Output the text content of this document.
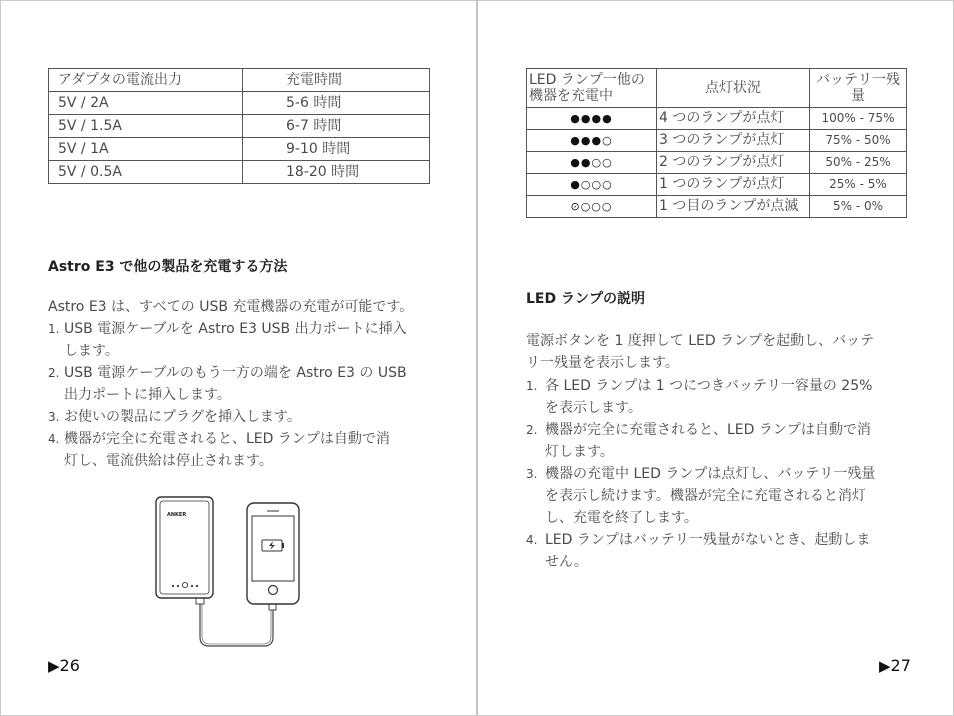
アダプタの電流出力	充電時間
5V / 2A	5-6 時間
5V / 1.5A	6-7 時間
5V / 1A	9-10 時間
5V / 0.5A	18-20 時間
Astro E3 で他の製品を充電する方法
Astro E3 は、すべての USB 充電機器の充電が可能です。
1. USB 電源ケーブルを Astro E3 USB 出力ポートに挿入
します。
2. USB 電源ケーブルのもう一方の端を Astro E3 の USB
出力ポートに挿入します。
3. お使いの製品にプラグを挿入します。
4. 機器が完全に充電されると、LED ランプは自動で消
灯し、電流供給は停止されます。
ANKER
▶26
LED ランプ一他の機器を充電中	点灯状況	バッテリ一残量
●●●●	4 つのランプが点灯	100% - 75%
●●●○	3 つのランプが点灯	75% - 50%
●●○○	2 つのランプが点灯	50% - 25%
●○○○	1 つのランプが点灯	25% - 5%
⊙○○○	1 つ目のランプが点滅	5% - 0%
LED ランプの説明
電源ボタンを 1 度押して LED ランプを起動し、バッテ
リ一残量を表示します。
1. 各 LED ランプは 1 つにつきバッテリ一容量の 25%
を表示します。
2. 機器が完全に充電されると、LED ランプは自動で消
灯します。
3. 機器の充電中 LED ランプは点灯し、バッテリ一残量
を表示し続けます。機器が完全に充電されると消灯
し、充電を終了します。
4. LED ランプはバッテリ一残量がないとき、起動しま
せん。
▶27
